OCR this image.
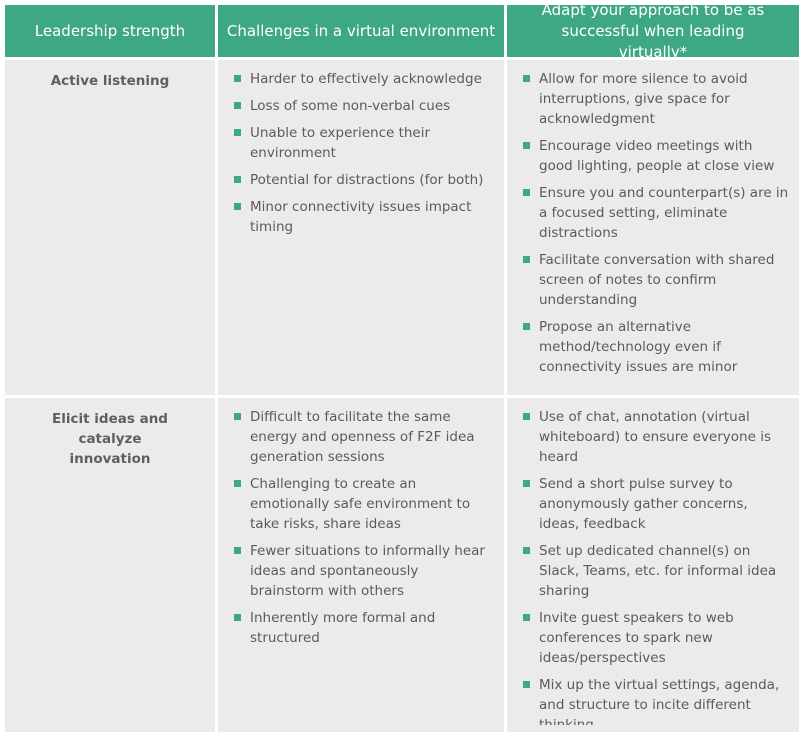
Leadership strength	Challenges in a virtual environment
Adapt your approach to be as successful when leading virtually*
Active listening	Harder to effectively acknowledge
Loss of some non-verbal cues
Unable to experience their environment
Potential for distractions (for both)
Minor connectivity issues impact timing
Allow for more silence to avoid interruptions, give space for acknowledgment
Encourage video meetings with good lighting, people at close view
Ensure you and counterpart(s) are in a focused setting, eliminate distractions
Facilitate conversation with shared screen of notes to confirm understanding
Propose an alternative method/technology even if connectivity issues are minor
Elicit ideas and catalyze innovation
Difficult to facilitate the same energy and openness of F2F idea generation sessions
Challenging to create an emotionally safe environment to take risks, share ideas
Fewer situations to informally hear ideas and spontaneously brainstorm with others
Inherently more formal and structured
Use of chat, annotation (virtual whiteboard) to ensure everyone is heard
Send a short pulse survey to anonymously gather concerns, ideas, feedback
Set up dedicated channel(s) on Slack, Teams, etc. for informal idea sharing
Invite guest speakers to web conferences to spark new ideas/perspectives
Mix up the virtual settings, agenda, and structure to incite different
